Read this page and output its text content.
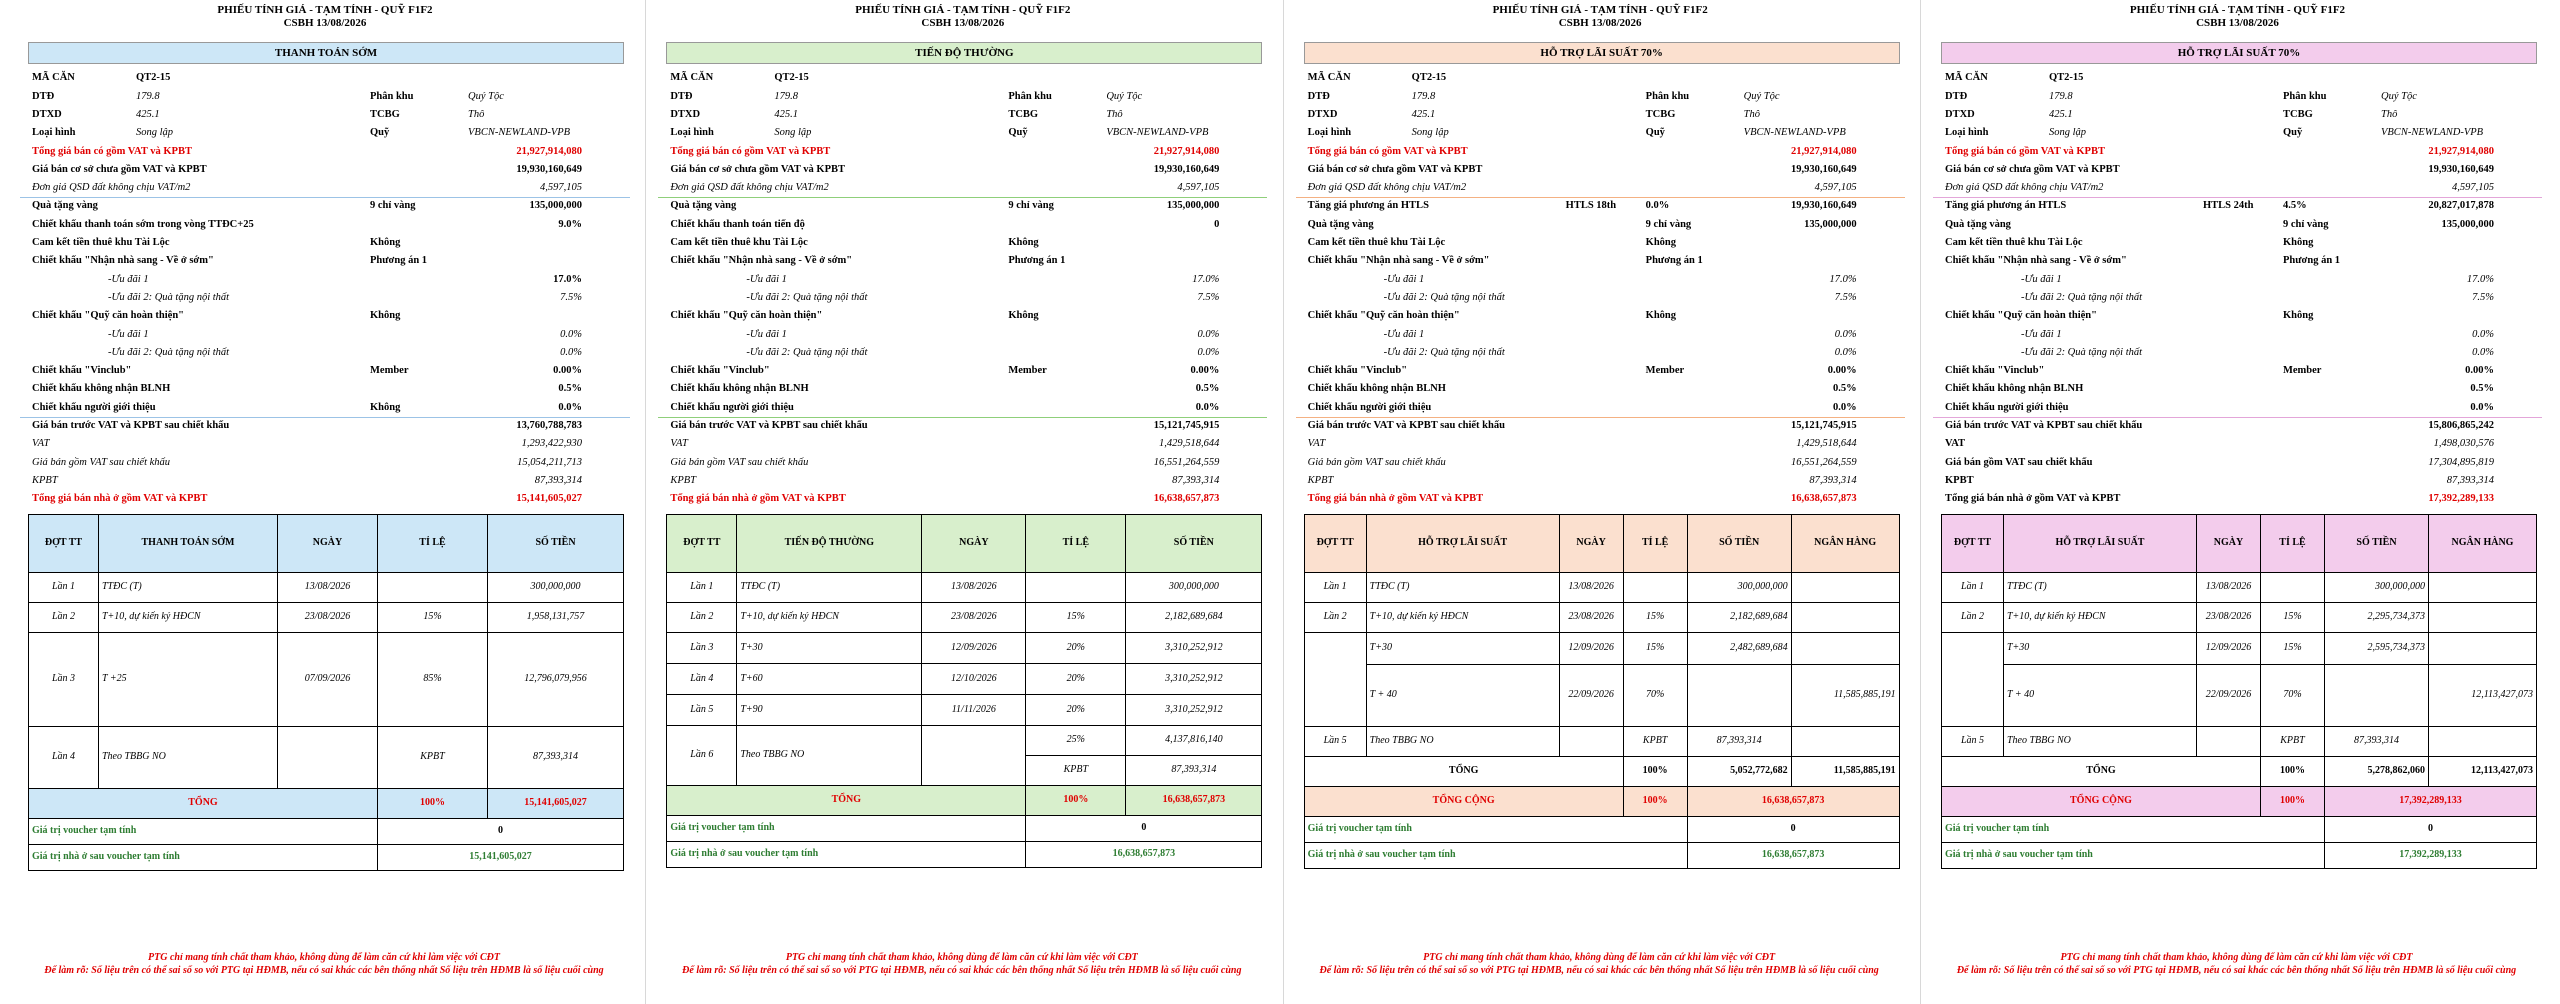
PHIẾU TÍNH GIÁ - TẠM TÍNH - QUỸ F1F2
CSBH 13/08/2026
THANH TOÁN SỚM
MÃ CĂN	QT2-15
DTĐ	179.8	Phân khu	Quý Tộc
DTXD	425.1	TCBG	Thô
Loại hình	Song lập	Quỹ	VBCN-NEWLAND-VPB
Tổng giá bán có gồm VAT và KPBT	21,927,914,080
Giá bán cơ sở chưa gồm VAT và KPBT	19,930,160,649
Đơn giá QSD đất không chịu VAT/m2	4,597,105
Quà tặng vàng	9 chỉ vàng	135,000,000
Chiết khấu thanh toán sớm trong vòng TTĐC+25	9.0%
Cam kết tiền thuê khu Tài Lộc	Không
Chiết khấu "Nhận nhà sang - Về ở sớm"	Phương án 1
-Ưu đãi 1	17.0%
-Ưu đãi 2: Quà tặng nội thất	7.5%
Chiết khấu "Quỹ căn hoàn thiện"	Không
-Ưu đãi 1	0.0%
-Ưu đãi 2: Quà tặng nội thất	0.0%
Chiết khấu "Vinclub"	Member	0.00%
Chiết khấu không nhận BLNH	0.5%
Chiết khấu người giới thiệu	Không	0.0%
Giá bán trước VAT và KPBT sau chiết khấu	13,760,788,783
VAT	1,293,422,930
Giá bán gồm VAT sau chiết khấu	15,054,211,713
KPBT	87,393,314
Tổng giá bán nhà ở gồm VAT và KPBT	15,141,605,027
ĐỢT TT	THANH TOÁN SỚM	NGÀY	TỈ LỆ	SỐ TIỀN
Lần 1	TTĐC (T)	13/08/2026		300,000,000
Lần 2	T+10, dự kiến ký HĐCN	23/08/2026	15%	1,958,131,757
Lần 3	T +25	07/09/2026	85%	12,796,079,956
Lần 4	Theo TBBG NO		KPBT	87,393,314
TỔNG			100%	15,141,605,027
Giá trị voucher tạm tính			0	
Giá trị nhà ở sau voucher tạm tính			15,141,605,027	
PTG chỉ mang tính chất tham khảo, không dùng để làm căn cứ khi làm việc với CĐT
Để làm rõ: Số liệu trên có thể sai số so với PTG tại HĐMB, nếu có sai khác các bên thống nhất Số liệu trên HĐMB là số liệu cuối cùng
PHIẾU TÍNH GIÁ - TẠM TÍNH - QUỸ F1F2
CSBH 13/08/2026
TIẾN ĐỘ THƯỜNG
MÃ CĂN	QT2-15
DTĐ	179.8	Phân khu	Quý Tộc
DTXD	425.1	TCBG	Thô
Loại hình	Song lập	Quỹ	VBCN-NEWLAND-VPB
Tổng giá bán có gồm VAT và KPBT	21,927,914,080
Giá bán cơ sở chưa gồm VAT và KPBT	19,930,160,649
Đơn giá QSD đất không chịu VAT/m2	4,597,105
Quà tặng vàng	9 chỉ vàng	135,000,000
Chiết khấu thanh toán tiến độ	0
Cam kết tiền thuê khu Tài Lộc	Không
Chiết khấu "Nhận nhà sang - Về ở sớm"	Phương án 1
-Ưu đãi 1	17.0%
-Ưu đãi 2: Quà tặng nội thất	7.5%
Chiết khấu "Quỹ căn hoàn thiện"	Không
-Ưu đãi 1	0.0%
-Ưu đãi 2: Quà tặng nội thất	0.0%
Chiết khấu "Vinclub"	Member	0.00%
Chiết khấu không nhận BLNH	0.5%
Chiết khấu người giới thiệu	0.0%
Giá bán trước VAT và KPBT sau chiết khấu	15,121,745,915
VAT	1,429,518,644
Giá bán gồm VAT sau chiết khấu	16,551,264,559
KPBT	87,393,314
Tổng giá bán nhà ở gồm VAT và KPBT	16,638,657,873
ĐỢT TT	TIẾN ĐỘ THƯỜNG	NGÀY	TỈ LỆ	SỐ TIỀN
Lần 1	TTĐC (T)	13/08/2026		300,000,000
Lần 2	T+10, dự kiến ký HĐCN	23/08/2026	15%	2,182,689,684
Lần 3	T+30	12/09/2026	20%	3,310,252,912
Lần 4	T+60	12/10/2026	20%	3,310,252,912
Lần 5	T+90	11/11/2026	20%	3,310,252,912
Lần 6	Theo TBBG NO		25%	4,137,816,140
			KPBT	87,393,314
TỔNG			100%	16,638,657,873
Giá trị voucher tạm tính			0	
Giá trị nhà ở sau voucher tạm tính			16,638,657,873	
PTG chỉ mang tính chất tham khảo, không dùng để làm căn cứ khi làm việc với CĐT
Để làm rõ: Số liệu trên có thể sai số so với PTG tại HĐMB, nếu có sai khác các bên thống nhất Số liệu trên HĐMB là số liệu cuối cùng
PHIẾU TÍNH GIÁ - TẠM TÍNH - QUỸ F1F2
CSBH 13/08/2026
HỖ TRỢ LÃI SUẤT 70%
MÃ CĂN	QT2-15
DTĐ	179.8	Phân khu	Quý Tộc
DTXD	425.1	TCBG	Thô
Loại hình	Song lập	Quỹ	VBCN-NEWLAND-VPB
Tổng giá bán có gồm VAT và KPBT	21,927,914,080
Giá bán cơ sở chưa gồm VAT và KPBT	19,930,160,649
Đơn giá QSD đất không chịu VAT/m2	4,597,105
Tăng giá phương án HTLS	HTLS 18th	0.0%	19,930,160,649
Quà tặng vàng	9 chỉ vàng	135,000,000
Cam kết tiền thuê khu Tài Lộc	Không
Chiết khấu "Nhận nhà sang - Về ở sớm"	Phương án 1
-Ưu đãi 1	17.0%
-Ưu đãi 2: Quà tặng nội thất	7.5%
Chiết khấu "Quỹ căn hoàn thiện"	Không
-Ưu đãi 1	0.0%
-Ưu đãi 2: Quà tặng nội thất	0.0%
Chiết khấu "Vinclub"	Member	0.00%
Chiết khấu không nhận BLNH	0.5%
Chiết khấu người giới thiệu	0.0%
Giá bán trước VAT và KPBT sau chiết khấu	15,121,745,915
VAT	1,429,518,644
Giá bán gồm VAT sau chiết khấu	16,551,264,559
KPBT	87,393,314
Tổng giá bán nhà ở gồm VAT và KPBT	16,638,657,873
ĐỢT TT	HỖ TRỢ LÃI SUẤT	NGÀY	TỈ LỆ	SỐ TIỀN	NGÂN HÀNG
Lần 1	TTĐC (T)	13/08/2026		300,000,000	
Lần 2	T+10, dự kiến ký HĐCN	23/08/2026	15%	2,182,689,684	
	T+30	12/09/2026	15%	2,482,689,684	
	T + 40	22/09/2026	70%		11,585,885,191
Lần 5	Theo TBBG NO		KPBT	87,393,314	
TỔNG			100%	5,052,772,682	11,585,885,191
TỔNG CỘNG			100%	16,638,657,873	
Giá trị voucher tạm tính				0	
Giá trị nhà ở sau voucher tạm tính				16,638,657,873	
PTG chỉ mang tính chất tham khảo, không dùng để làm căn cứ khi làm việc với CĐT
Để làm rõ: Số liệu trên có thể sai số so với PTG tại HĐMB, nếu có sai khác các bên thống nhất Số liệu trên HĐMB là số liệu cuối cùng
PHIẾU TÍNH GIÁ - TẠM TÍNH - QUỸ F1F2
CSBH 13/08/2026
HỖ TRỢ LÃI SUẤT 70%
MÃ CĂN	QT2-15
DTĐ	179.8	Phân khu	Quý Tộc
DTXD	425.1	TCBG	Thô
Loại hình	Song lập	Quỹ	VBCN-NEWLAND-VPB
Tổng giá bán có gồm VAT và KPBT	21,927,914,080
Giá bán cơ sở chưa gồm VAT và KPBT	19,930,160,649
Đơn giá QSD đất không chịu VAT/m2	4,597,105
Tăng giá phương án HTLS	HTLS 24th	4.5%	20,827,017,878
Quà tặng vàng	9 chỉ vàng	135,000,000
Cam kết tiền thuê khu Tài Lộc	Không
Chiết khấu "Nhận nhà sang - Về ở sớm"	Phương án 1
-Ưu đãi 1	17.0%
-Ưu đãi 2: Quà tặng nội thất	7.5%
Chiết khấu "Quỹ căn hoàn thiện"	Không
-Ưu đãi 1	0.0%
-Ưu đãi 2: Quà tặng nội thất	0.0%
Chiết khấu "Vinclub"	Member	0.00%
Chiết khấu không nhận BLNH	0.5%
Chiết khấu người giới thiệu	0.0%
Giá bán trước VAT và KPBT sau chiết khấu	15,806,865,242
VAT	1,498,030,576
Giá bán gồm VAT sau chiết khấu	17,304,895,819
KPBT	87,393,314
Tổng giá bán nhà ở gồm VAT và KPBT	17,392,289,133
ĐỢT TT	HỖ TRỢ LÃI SUẤT	NGÀY	TỈ LỆ	SỐ TIỀN	NGÂN HÀNG
Lần 1	TTĐC (T)	13/08/2026		300,000,000	
Lần 2	T+10, dự kiến ký HĐCN	23/08/2026	15%	2,295,734,373	
	T+30	12/09/2026	15%	2,595,734,373	
	T + 40	22/09/2026	70%		12,113,427,073
Lần 5	Theo TBBG NO		KPBT	87,393,314	
TỔNG			100%	5,278,862,060	12,113,427,073
TỔNG CỘNG			100%	17,392,289,133	
Giá trị voucher tạm tính				0	
Giá trị nhà ở sau voucher tạm tính				17,392,289,133	
PTG chỉ mang tính chất tham khảo, không dùng để làm căn cứ khi làm việc với CĐT
Để làm rõ: Số liệu trên có thể sai số so với PTG tại HĐMB, nếu có sai khác các bên thống nhất Số liệu trên HĐMB là số liệu cuối cùng
